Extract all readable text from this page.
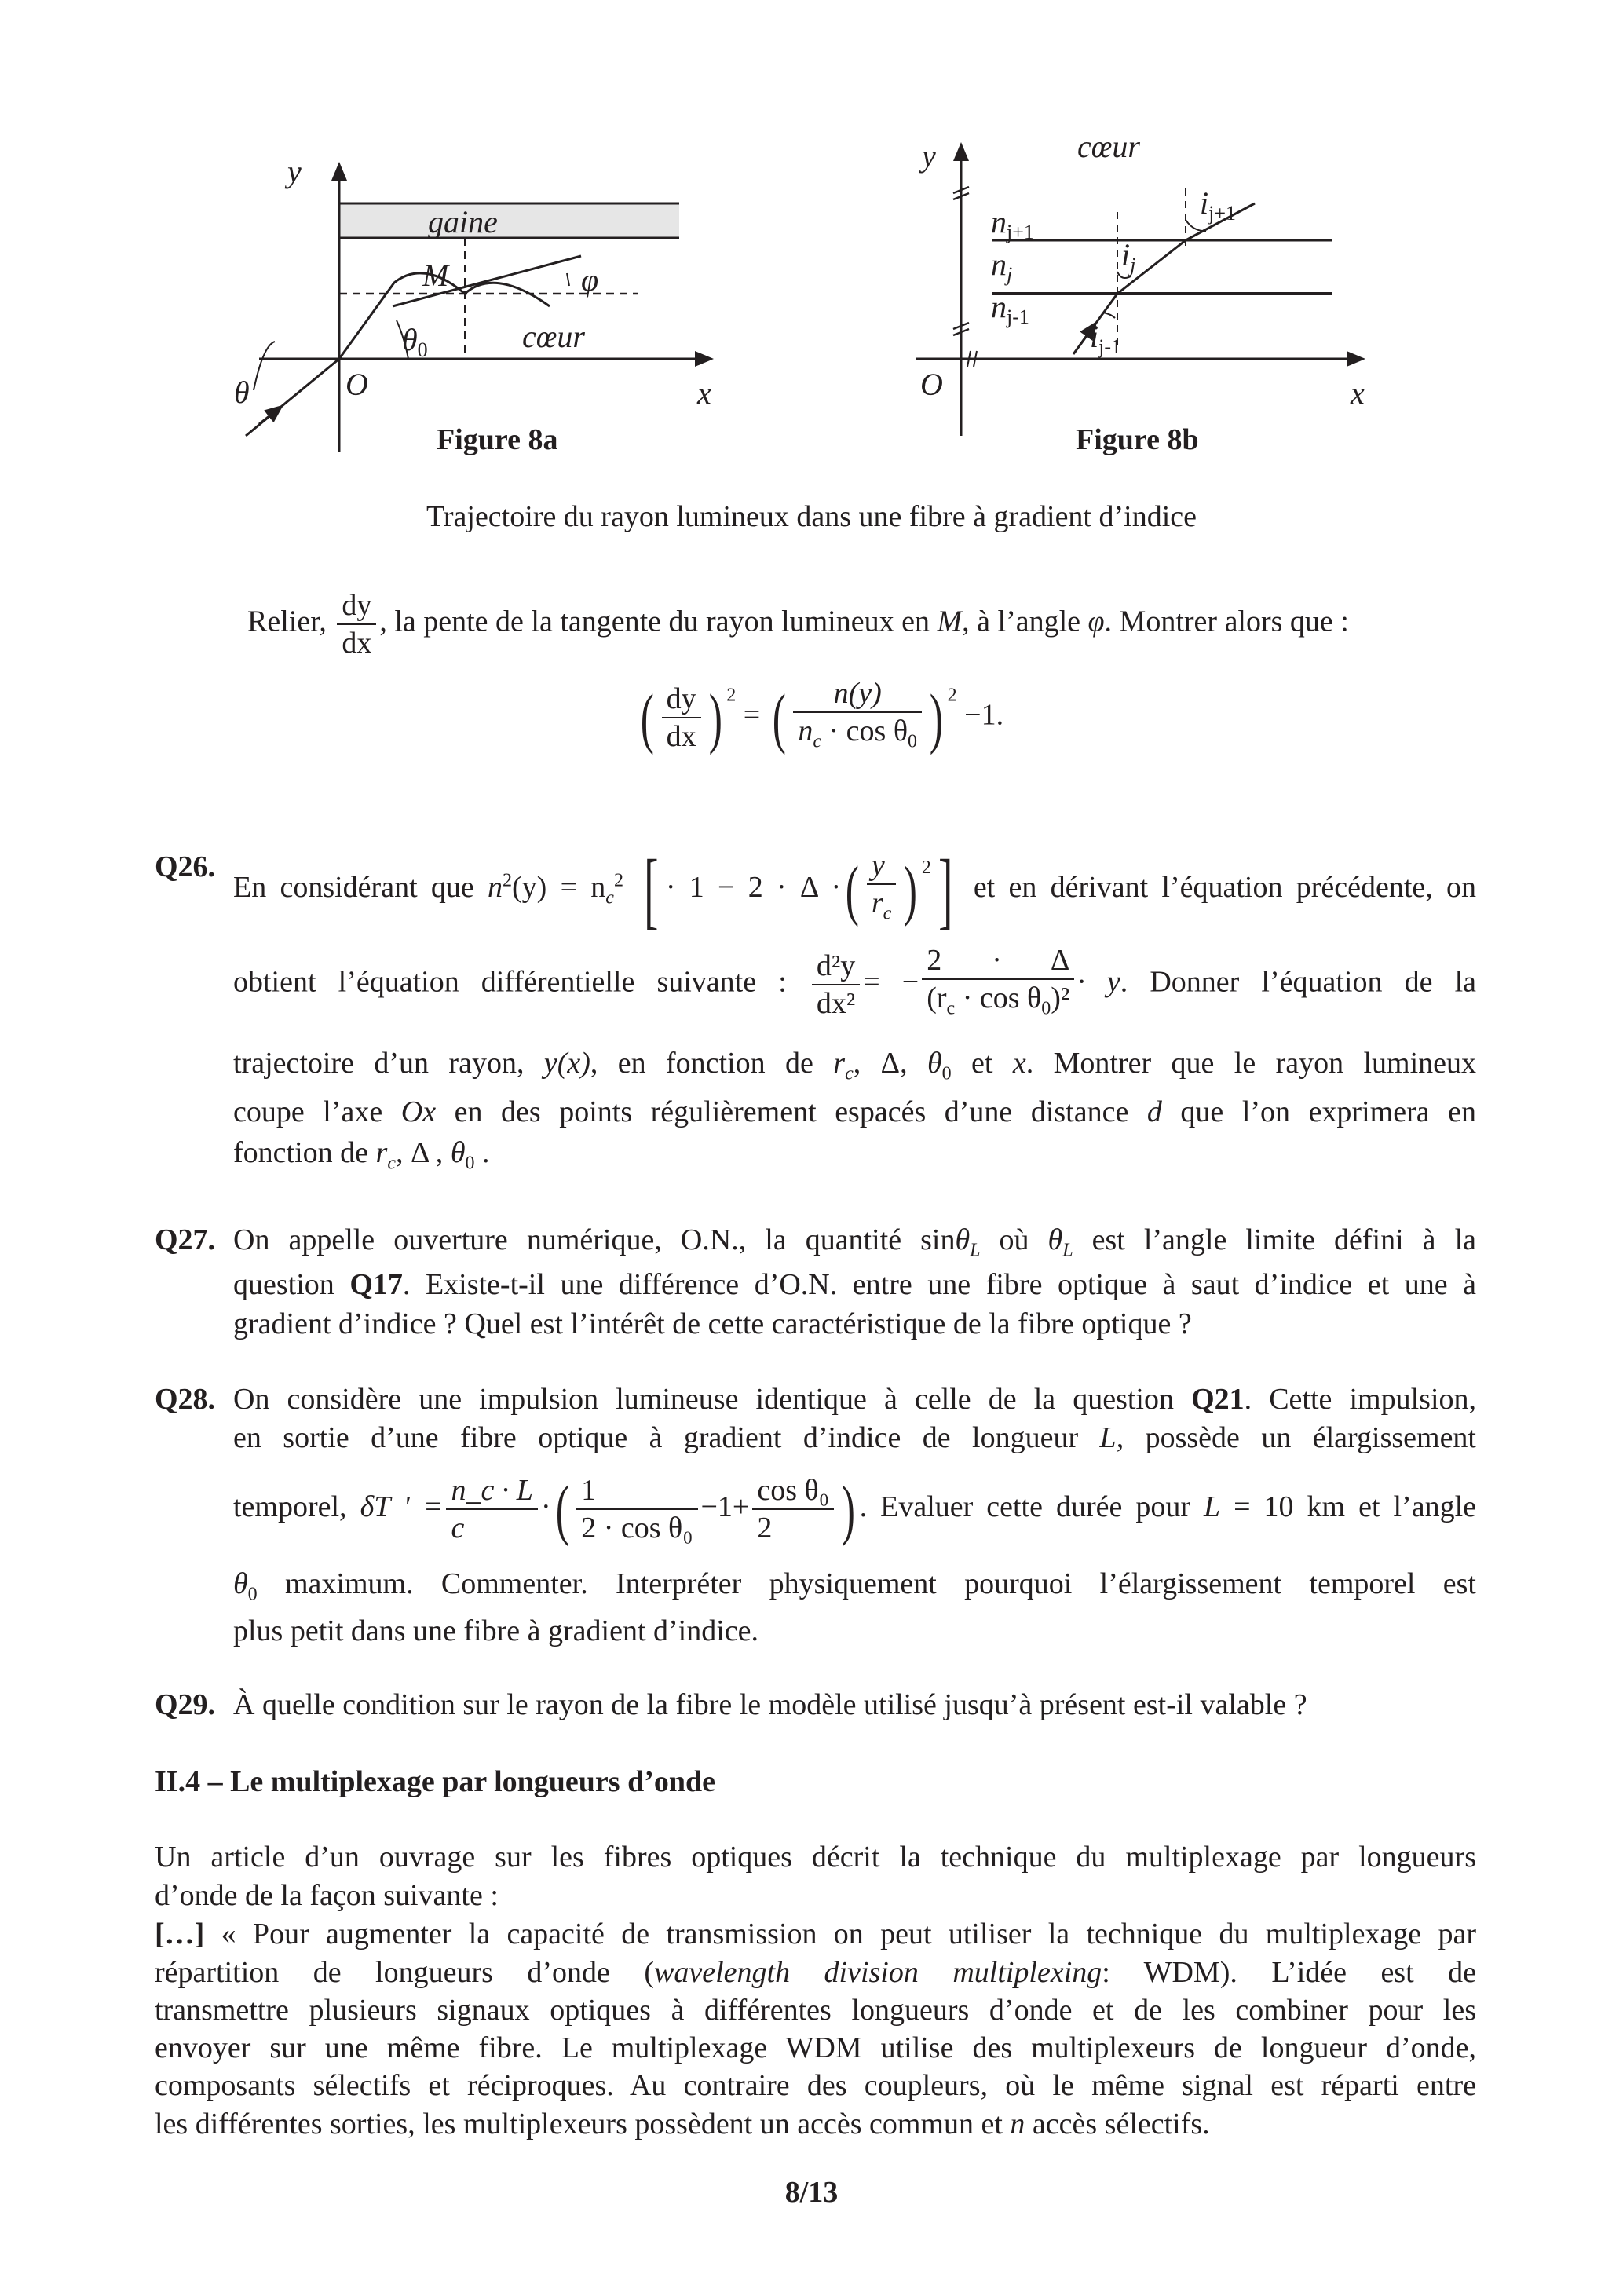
y
gaine
M	φ
$\theta_0$	cœur
θ	O	x
Figure 8a
cœur
y
$n_{j+1}$
$n_j$
$n_{j-1}$
$i_{j+1}$
$i_j$
$i_{j-1}$
O	x
Figure 8b
Trajectoire du rayon lumineux dans une fibre à gradient d’indice
Relier, $\frac{dy}{dx}$ , la pente de la tangente du rayon lumineux en M, à l’angle φ. Montrer alors que :
( $\frac{dy}{dx}$ ) $^2$ = ( $\frac{n(y)}{n_c \cdot \cos \theta_0}$ ) $^2$ −1.
Q26.
En considérant que $n^2(y) = n_c^2$ [ · 1 − 2 · Δ ·( $\frac{y}{r_c}$ ) $^2$] et en dérivant l’équation précédente, on
obtient l’équation différentielle suivante : $\frac{\text{d²y}}{\text{dx²}}$ = − $\frac{2 \cdot \Delta}{(r_c \cdot \cos \theta_0)^2} \cdot y$. Donner l’équation de la
trajectoire d’un rayon, y(x), en fonction de $r_c$, Δ, $\theta_0$ et x. Montrer que le rayon lumineux
coupe l’axe Ox en des points régulièrement espacés d’une distance d que l’on exprimera en
fonction de $r_c$, Δ , $\theta_0$ .
Q27. On appelle ouverture numérique, O.N., la quantité sinθ$_L$ où $\theta_L$ est l’angle limite défini à la
question Q17. Existe-t-il une différence d’O.N. entre une fibre optique à saut d’indice et une à
gradient d’indice ? Quel est l’intérêt de cette caractéristique de la fibre optique ?
Q28. On considère une impulsion lumineuse identique à celle de la question Q21. Cette impulsion,
en sortie d’une fibre optique à gradient d’indice de longueur L, possède un élargissement
temporel, δT ' = $\frac{n\_c \cdot L}{c}$ ·( $\frac{1}{\text{2 · cos θ₀}} -1+ \frac{\text{cos θ₀}}{2}$ ) . Evaluer cette durée pour L = 10 km et l’angle
$\theta_0$ maximum. Commenter. Interpréter physiquement pourquoi l’élargissement temporel est
plus petit dans une fibre à gradient d’indice.
Q29. À quelle condition sur le rayon de la fibre le modèle utilisé jusqu’à présent est-il valable ?
II.4 – Le multiplexage par longueurs d’onde
Un article d’un ouvrage sur les fibres optiques décrit la technique du multiplexage par longueurs
d’onde de la façon suivante :
[…] « Pour augmenter la capacité de transmission on peut utiliser la technique du multiplexage par
répartition de longueurs d’onde (wavelength division multiplexing: WDM). L’idée est de
transmettre plusieurs signaux optiques à différentes longueurs d’onde et de les combiner pour les
envoyer sur une même fibre. Le multiplexage WDM utilise des multiplexeurs de longueur d’onde,
composants sélectifs et réciproques. Au contraire des coupleurs, où le même signal est réparti entre
les différentes sorties, les multiplexeurs possèdent un accès commun et n accès sélectifs.
8/13
